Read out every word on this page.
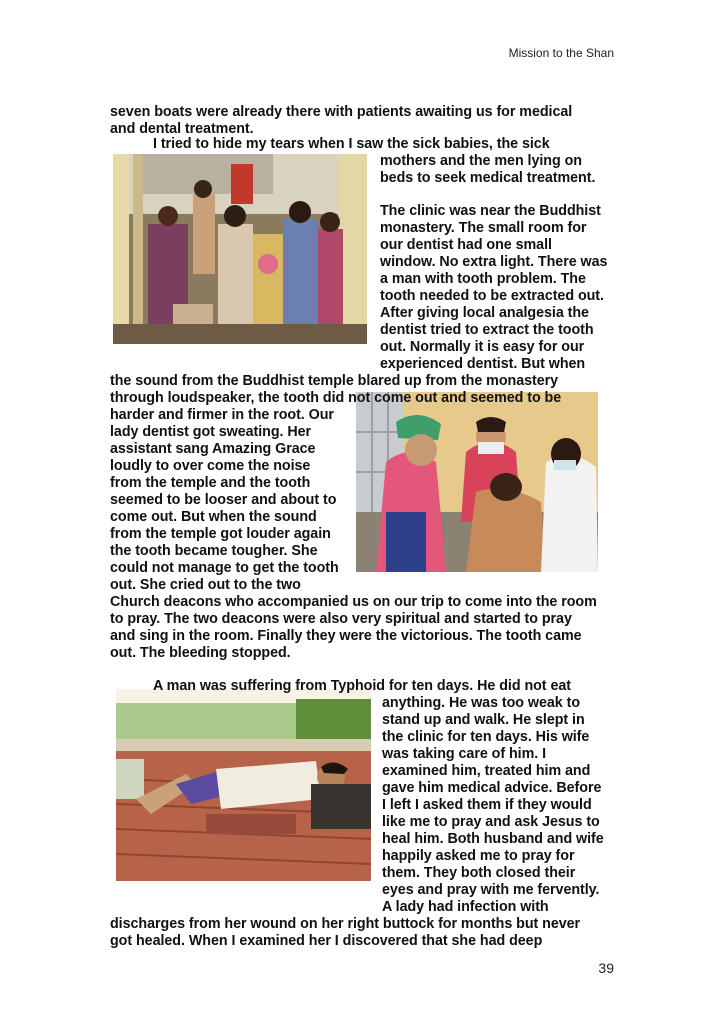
Mission to the Shan
seven boats were already there with patients awaiting us for medical
and dental treatment.
I tried to hide my tears when I saw the sick babies, the sick
mothers and the men lying on
beds to seek medical treatment.
The clinic was near the Buddhist
monastery. The small room for
our dentist had one small
window. No extra light. There was
a man with tooth problem. The
tooth needed to be extracted out.
After giving local analgesia the
dentist tried to extract the tooth
out. Normally it is easy for our
experienced dentist. But when
the sound from the Buddhist temple blared up from the monastery
through loudspeaker, the tooth did not come out and seemed to be
harder and firmer in the root. Our
lady dentist got sweating. Her
assistant sang Amazing Grace
loudly to over come the noise
from the temple and the tooth
seemed to be looser and about to
come out. But when the sound
from the temple got louder again
the tooth became tougher. She
could not manage to get the tooth
out. She cried out to the two
Church deacons who accompanied us on our trip to come into the room
to pray. The two deacons were also very spiritual and started to pray
and sing in the room. Finally they were the victorious. The tooth came
out. The bleeding stopped.
A man was suffering from Typhoid for ten days. He did not eat
anything. He was too weak to
stand up and walk. He slept in
the clinic for ten days. His wife
was taking care of him. I
examined him, treated him and
gave him medical advice. Before
I left I asked them if they would
like me to pray and ask Jesus to
heal him. Both husband and wife
happily asked me to pray for
them. They both closed their
eyes and pray with me fervently.
A lady had infection with
discharges from her wound on her right buttock for months but never
got healed. When I examined her I discovered that she had deep
39
